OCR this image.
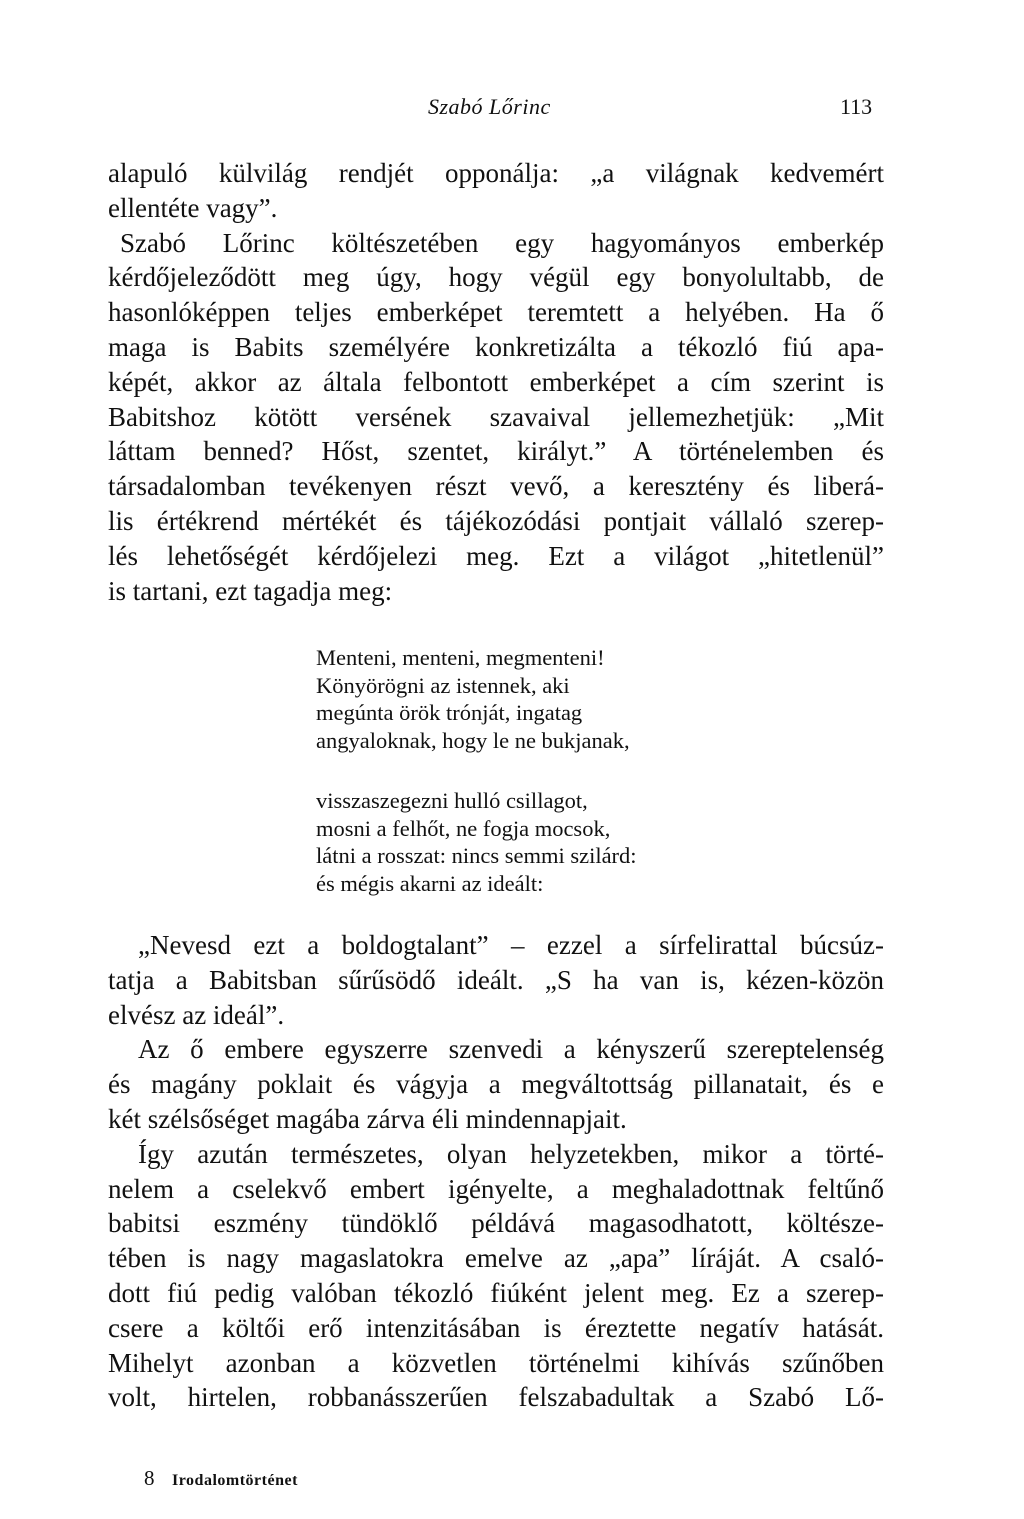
Szabó Lőrinc	113
alapuló külvilág rendjét opponálja: „a világnak kedvemért
ellentéte vagy”.
Szabó Lőrinc költészetében egy hagyományos emberkép
kérdőjeleződött meg úgy, hogy végül egy bonyolultabb, de
hasonlóképpen teljes emberképet teremtett a helyében. Ha ő
maga is Babits személyére konkretizálta a tékozló fiú apa-
képét, akkor az általa felbontott emberképet a cím szerint is
Babitshoz kötött versének szavaival jellemezhetjük: „Mit
láttam benned? Hőst, szentet, királyt.” A történelemben és
társadalomban tevékenyen részt vevő, a keresztény és liberá-
lis értékrend mértékét és tájékozódási pontjait vállaló szerep-
lés lehetőségét kérdőjelezi meg. Ezt a világot „hitetlenül”
is tartani, ezt tagadja meg:
Menteni, menteni, megmenteni!
Könyörögni az istennek, aki
megúnta örök trónját, ingatag
angyaloknak, hogy le ne bukjanak,
visszaszegezni hulló csillagot,
mosni a felhőt, ne fogja mocsok,
látni a rosszat: nincs semmi szilárd:
és mégis akarni az ideált:
„Nevesd ezt a boldogtalant” – ezzel a sírfelirattal búcsúz-
tatja a Babitsban sűrűsödő ideált. „S ha van is, kézen-közön
elvész az ideál”.
Az ő embere egyszerre szenvedi a kényszerű szereptelenség
és magány poklait és vágyja a megváltottság pillanatait, és e
két szélsőséget magába zárva éli mindennapjait.
Így azután természetes, olyan helyzetekben, mikor a törté-
nelem a cselekvő embert igényelte, a meghaladottnak feltűnő
babitsi eszmény tündöklő példává magasodhatott, költésze-
tében is nagy magaslatokra emelve az „apa” líráját. A csaló-
dott fiú pedig valóban tékozló fiúként jelent meg. Ez a szerep-
csere a költői erő intenzitásában is éreztette negatív hatását.
Mihelyt azonban a közvetlen történelmi kihívás szűnőben
volt, hirtelen, robbanásszerűen felszabadultak a Szabó Lő-
8 Irodalomtörténet
